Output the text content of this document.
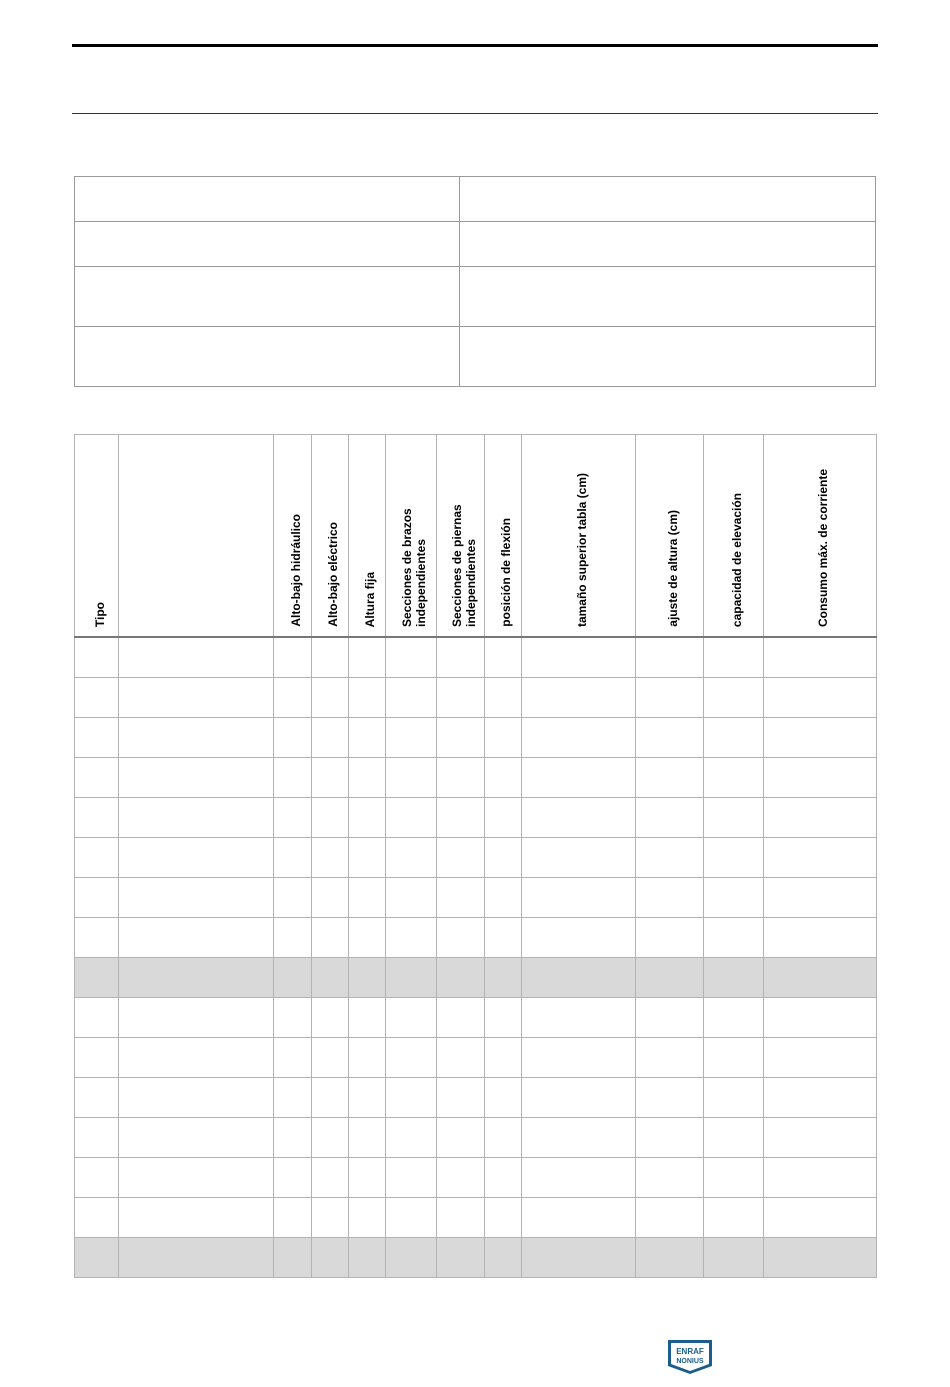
Tipo		Alto-bajo hidráulico	Alto-bajo eléctrico	Altura fija	Secciones de brazos independientes	Secciones de piernas independientes	posición de flexión	tamaño superior tabla (cm)	ajuste de altura (cm)	capacidad de elevación	Consumo máx. de corriente

ENRAF
NONIUS
